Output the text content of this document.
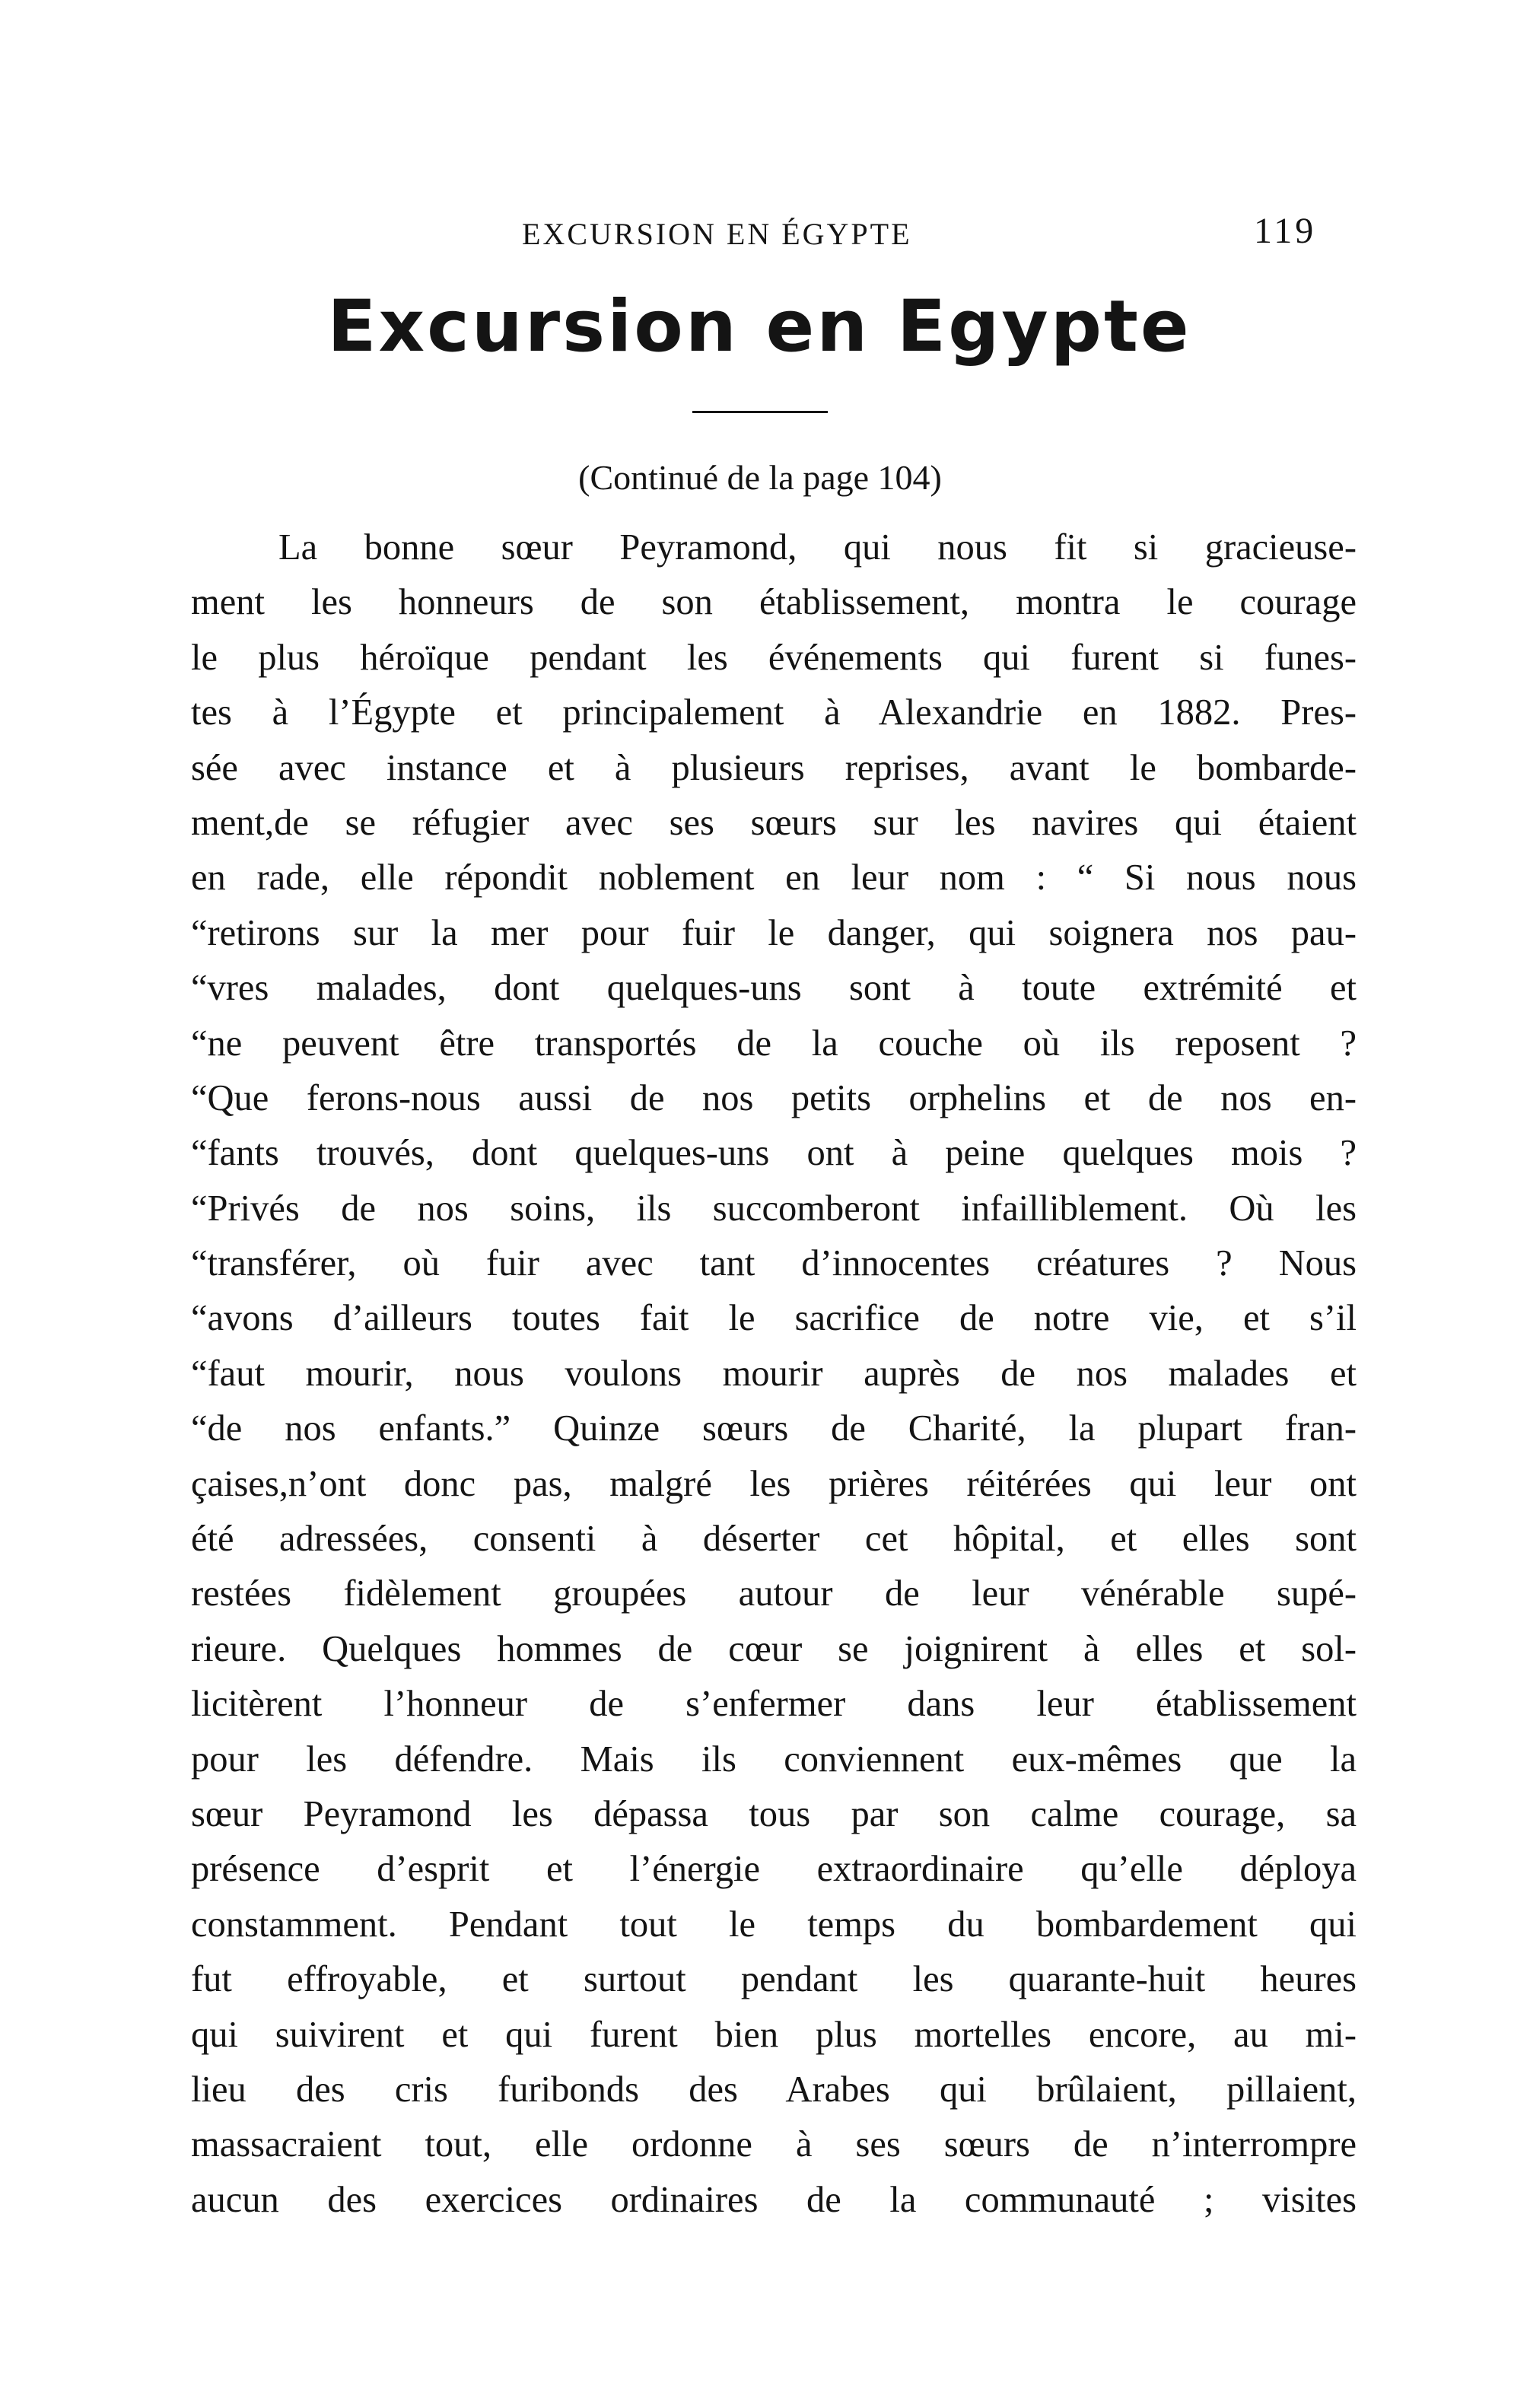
EXCURSION EN ÉGYPTE	119
Excursion en Egypte
(Continué de la page 104)
La bonne sœur Peyramond, qui nous fit si gracieuse-
ment les honneurs de son établissement, montra le courage
le plus héroïque pendant les événements qui furent si funes-
tes à l’Égypte et principalement à Alexandrie en 1882. Pres-
sée avec instance et à plusieurs reprises, avant le bombarde-
ment,de se réfugier avec ses sœurs sur les navires qui étaient
en rade, elle répondit noblement en leur nom : “ Si nous nous
“retirons sur la mer pour fuir le danger, qui soignera nos pau-
“vres malades, dont quelques-uns sont à toute extrémité et
“ne peuvent être transportés de la couche où ils reposent ?
“Que ferons-nous aussi de nos petits orphelins et de nos en-
“fants trouvés, dont quelques-uns ont à peine quelques mois ?
“Privés de nos soins, ils succomberont infailliblement. Où les
“transférer, où fuir avec tant d’innocentes créatures ? Nous
“avons d’ailleurs toutes fait le sacrifice de notre vie, et s’il
“faut mourir, nous voulons mourir auprès de nos malades et
“de nos enfants.” Quinze sœurs de Charité, la plupart fran-
çaises,n’ont donc pas, malgré les prières réitérées qui leur ont
été adressées, consenti à déserter cet hôpital, et elles sont
restées fidèlement groupées autour de leur vénérable supé-
rieure. Quelques hommes de cœur se joignirent à elles et sol-
licitèrent l’honneur de s’enfermer dans leur établissement
pour les défendre. Mais ils conviennent eux-mêmes que la
sœur Peyramond les dépassa tous par son calme courage, sa
présence d’esprit et l’énergie extraordinaire qu’elle déploya
constamment. Pendant tout le temps du bombardement qui
fut effroyable, et surtout pendant les quarante-huit heures
qui suivirent et qui furent bien plus mortelles encore, au mi-
lieu des cris furibonds des Arabes qui brûlaient, pillaient,
massacraient tout, elle ordonne à ses sœurs de n’interrompre
aucun des exercices ordinaires de la communauté ; visites
